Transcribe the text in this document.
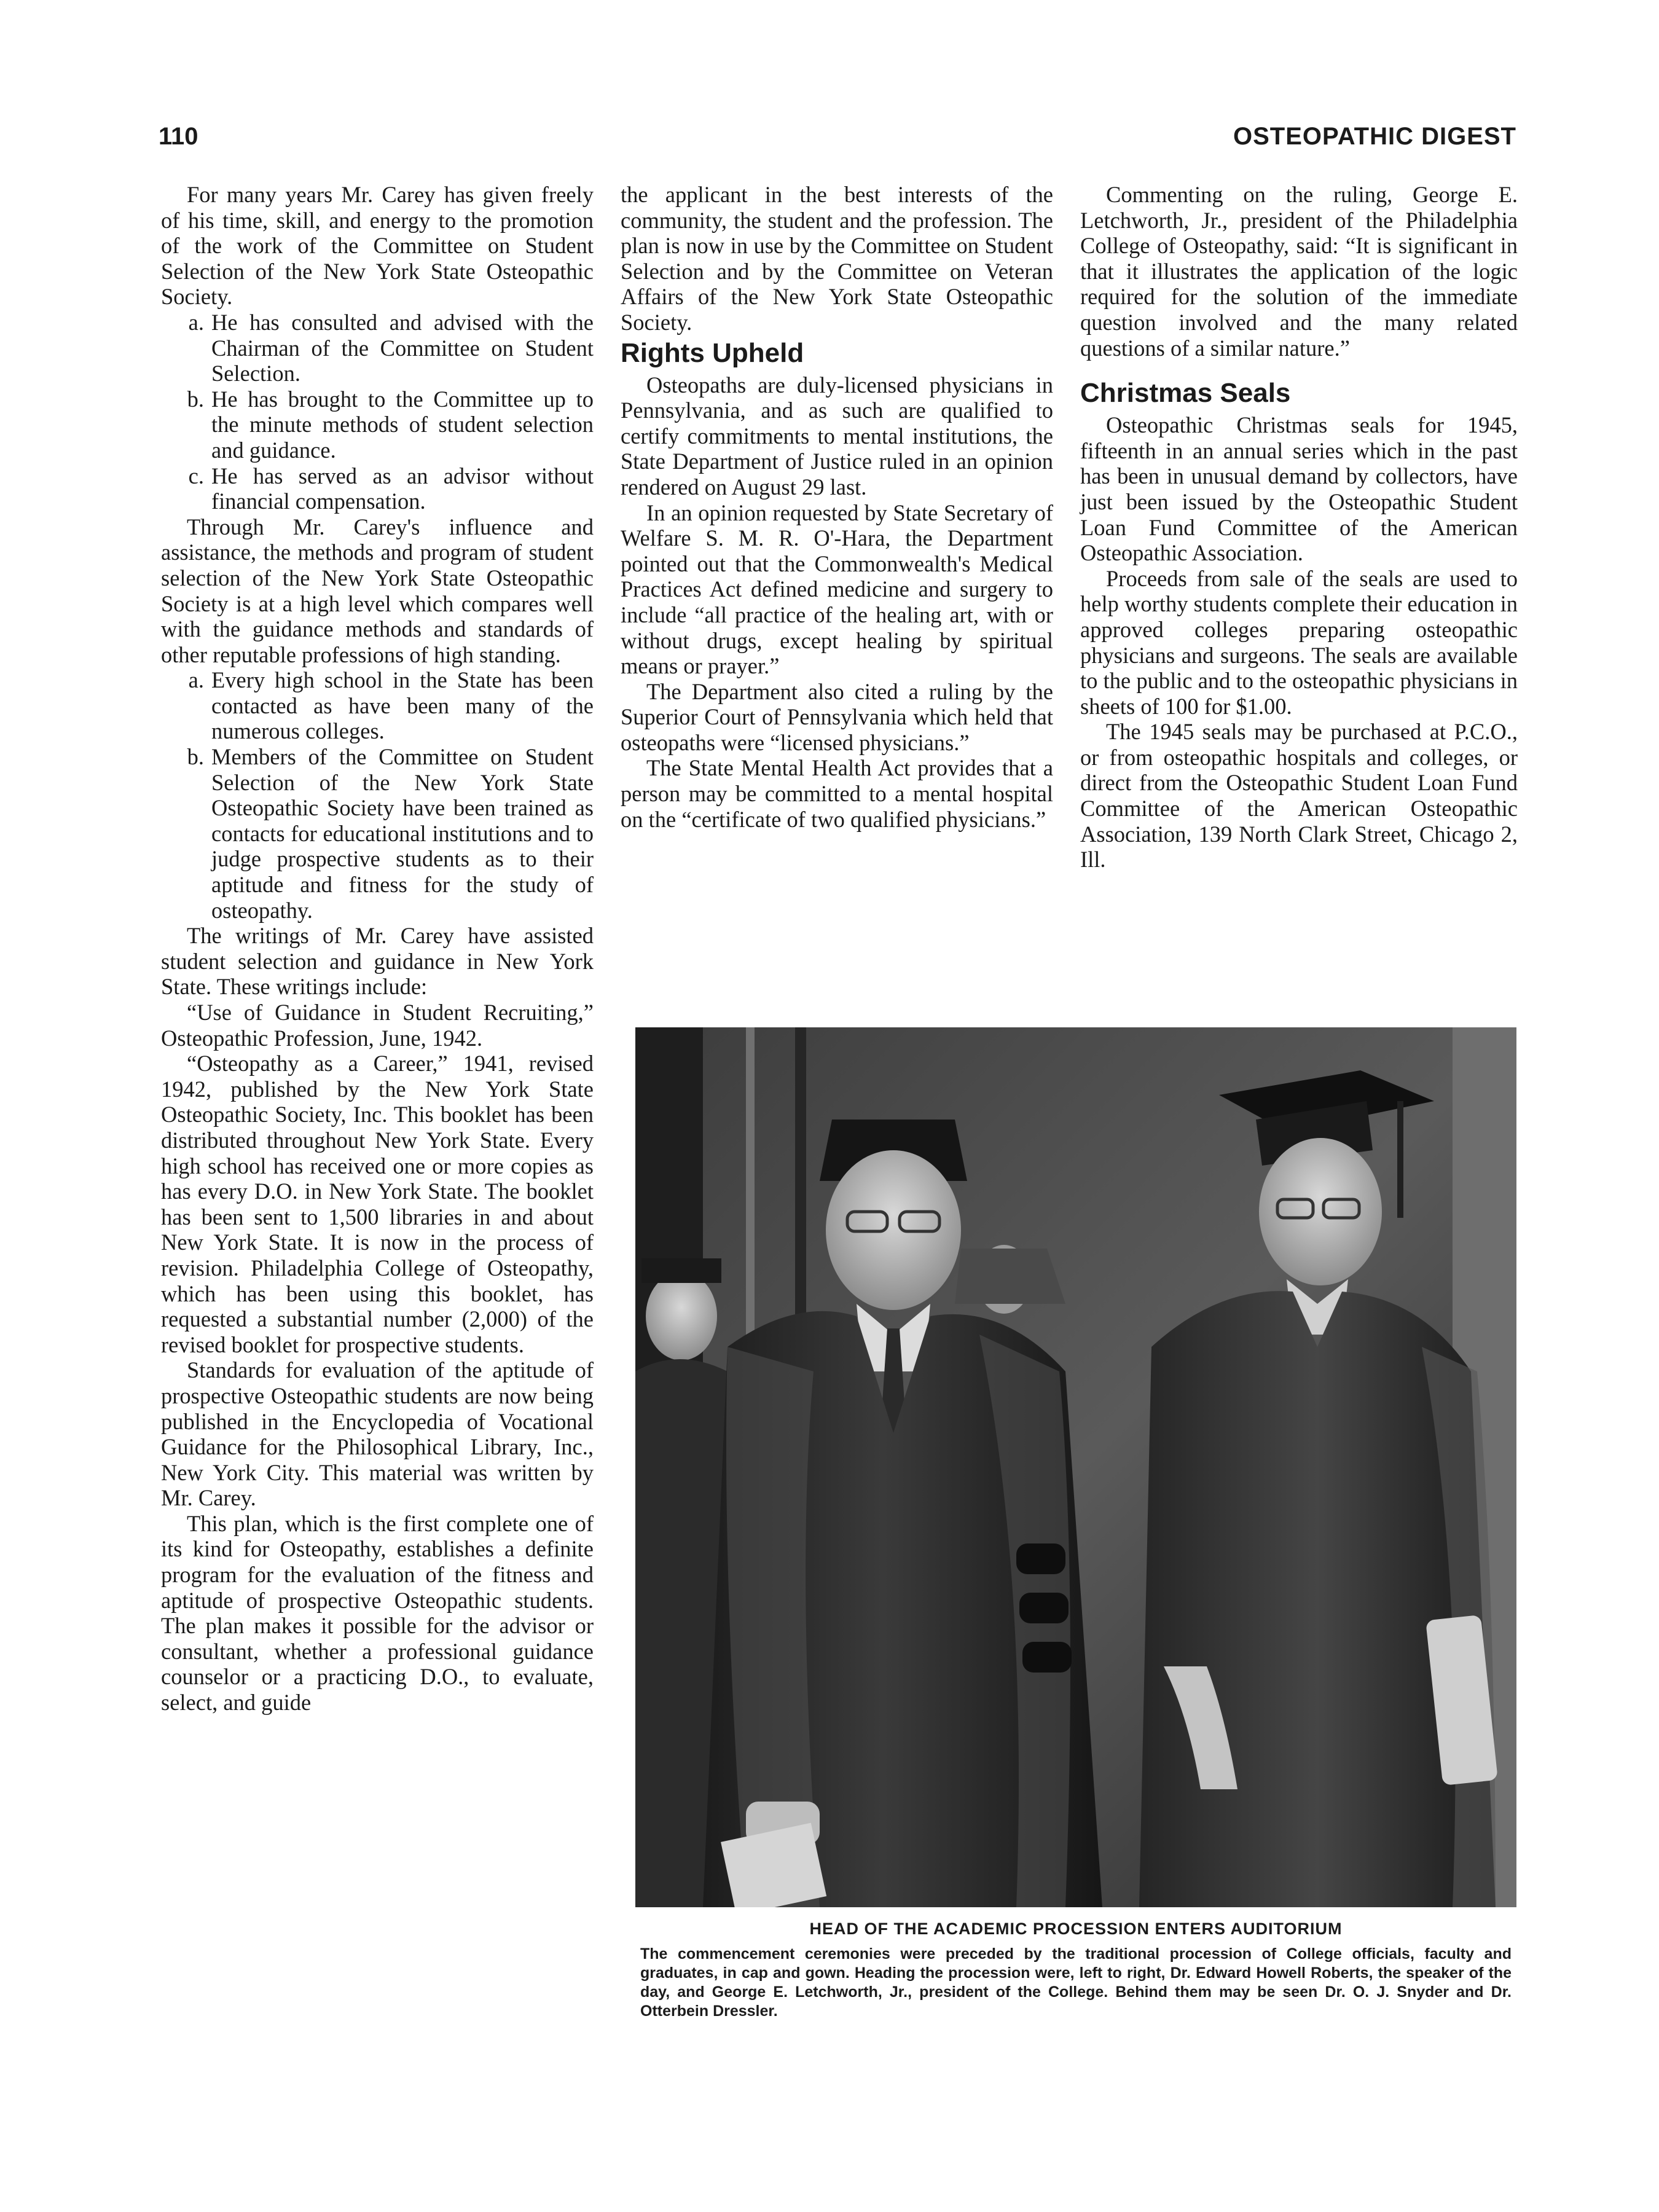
110	OSTEOPATHIC DIGEST

For many years Mr. Carey has given freely of his time, skill, and energy to the promotion of the work of the Committee on Student Selection of the New York State Osteopathic Society.

a. He has consulted and advised with the Chairman of the Committee on Student Selection.
b. He has brought to the Committee up to the minute methods of student selection and guidance.
c. He has served as an advisor without financial compensation.

Through Mr. Carey's influence and assistance, the methods and program of student selection of the New York State Osteopathic Society is at a high level which compares well with the guidance methods and standards of other reputable professions of high standing.

a. Every high school in the State has been contacted as have been many of the numerous colleges.
b. Members of the Committee on Student Selection of the New York State Osteopathic Society have been trained as contacts for educational institutions and to judge prospective students as to their aptitude and fitness for the study of osteopathy.

The writings of Mr. Carey have assisted student selection and guidance in New York State. These writings include:

“Use of Guidance in Student Recruiting,” Osteopathic Profession, June, 1942.

“Osteopathy as a Career,” 1941, revised 1942, published by the New York State Osteopathic Society, Inc. This booklet has been distributed throughout New York State. Every high school has received one or more copies as has every D.O. in New York State. The booklet has been sent to 1,500 libraries in and about New York State. It is now in the process of revision. Philadelphia College of Osteopathy, which has been using this booklet, has requested a substantial number (2,000) of the revised booklet for prospective students.

Standards for evaluation of the aptitude of prospective Osteopathic students are now being published in the Encyclopedia of Vocational Guidance for the Philosophical Library, Inc., New York City. This material was written by Mr. Carey.

This plan, which is the first complete one of its kind for Osteopathy, establishes a definite program for the evaluation of the fitness and aptitude of prospective Osteopathic students. The plan makes it possible for the advisor or consultant, whether a professional guidance counselor or a practicing D.O., to evaluate, select, and guide

the applicant in the best interests of the community, the student and the profession. The plan is now in use by the Committee on Student Selection and by the Committee on Veteran Affairs of the New York State Osteopathic Society.

Rights Upheld

Osteopaths are duly-licensed physicians in Pennsylvania, and as such are qualified to certify commitments to mental institutions, the State Department of Justice ruled in an opinion rendered on August 29 last.

In an opinion requested by State Secretary of Welfare S. M. R. O'-Hara, the Department pointed out that the Commonwealth's Medical Practices Act defined medicine and surgery to include “all practice of the healing art, with or without drugs, except healing by spiritual means or prayer.”

The Department also cited a ruling by the Superior Court of Pennsylvania which held that osteopaths were “licensed physicians.”

The State Mental Health Act provides that a person may be committed to a mental hospital on the “certificate of two qualified physicians.”

Commenting on the ruling, George E. Letchworth, Jr., president of the Philadelphia College of Osteopathy, said: “It is significant in that it illustrates the application of the logic required for the solution of the immediate question involved and the many related questions of a similar nature.”

Christmas Seals

Osteopathic Christmas seals for 1945, fifteenth in an annual series which in the past has been in unusual demand by collectors, have just been issued by the Osteopathic Student Loan Fund Committee of the American Osteopathic Association.

Proceeds from sale of the seals are used to help worthy students complete their education in approved colleges preparing osteopathic physicians and surgeons. The seals are available to the public and to the osteopathic physicians in sheets of 100 for $1.00.

The 1945 seals may be purchased at P.C.O., or from osteopathic hospitals and colleges, or direct from the Osteopathic Student Loan Fund Committee of the American Osteopathic Association, 139 North Clark Street, Chicago 2, Ill.

HEAD OF THE ACADEMIC PROCESSION ENTERS AUDITORIUM
The commencement ceremonies were preceded by the traditional procession of College officials, faculty and graduates, in cap and gown. Heading the procession were, left to right, Dr. Edward Howell Roberts, the speaker of the day, and George E. Letchworth, Jr., president of the College. Behind them may be seen Dr. O. J. Snyder and Dr. Otterbein Dressler.
